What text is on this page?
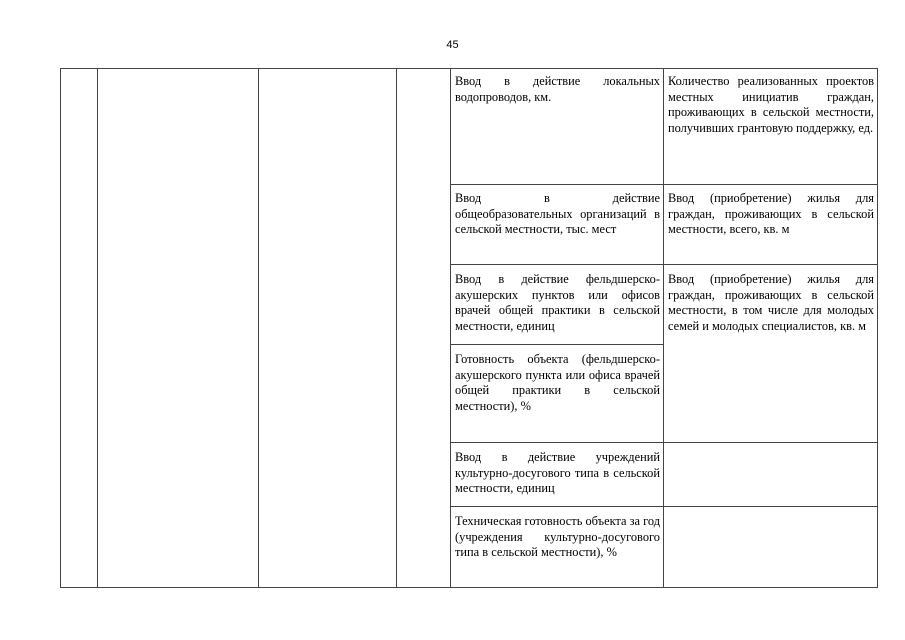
45
Ввод в действие локальных водопроводов, км.
Ввод в действие общеобразовательных организаций в сельской местности, тыс. мест
Ввод в действие фельдшерско-акушерских пунктов или офисов врачей общей практики в сельской местности, единиц
Готовность объекта (фельдшерско-акушерского пункта или офиса врачей общей практики в сельской местности), %
Ввод в действие учреждений культурно-досугового типа в сельской местности, единиц
Техническая готовность объекта за год (учреждения культурно-досугового типа в сельской местности), %
Количество реализованных проектов местных инициатив граждан, проживающих в сельской местности, получивших грантовую поддержку, ед.
Ввод (приобретение) жилья для граждан, проживающих в сельской местности, всего, кв. м
Ввод (приобретение) жилья для граждан, проживающих в сельской местности, в том числе для молодых семей и молодых специалистов, кв. м
